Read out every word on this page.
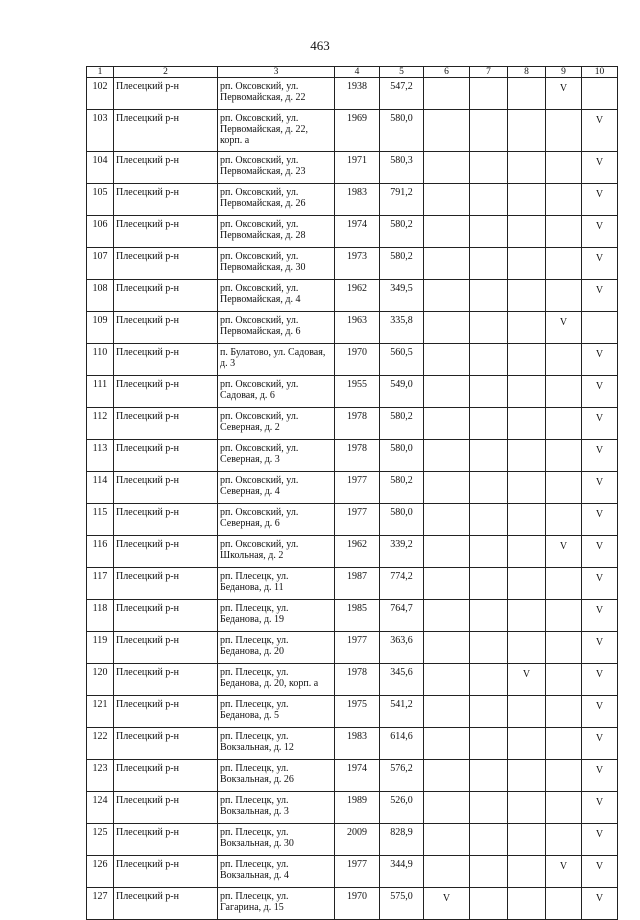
463
1	2	3	4	5	6	7	8	9	10
102	Плесецкий р-н	рп. Оксовский, ул. Первомайская, д. 22	1938	547,2				V	
103	Плесецкий р-н	рп. Оксовский, ул. Первомайская, д. 22, корп. а	1969	580,0					V
104	Плесецкий р-н	рп. Оксовский, ул. Первомайская, д. 23	1971	580,3					V
105	Плесецкий р-н	рп. Оксовский, ул. Первомайская, д. 26	1983	791,2					V
106	Плесецкий р-н	рп. Оксовский, ул. Первомайская, д. 28	1974	580,2					V
107	Плесецкий р-н	рп. Оксовский, ул. Первомайская, д. 30	1973	580,2					V
108	Плесецкий р-н	рп. Оксовский, ул. Первомайская, д. 4	1962	349,5					V
109	Плесецкий р-н	рп. Оксовский, ул. Первомайская, д. 6	1963	335,8				V	
110	Плесецкий р-н	п. Булатово, ул. Садовая, д. 3	1970	560,5					V
111	Плесецкий р-н	рп. Оксовский, ул. Садовая, д. 6	1955	549,0					V
112	Плесецкий р-н	рп. Оксовский, ул. Северная, д. 2	1978	580,2					V
113	Плесецкий р-н	рп. Оксовский, ул. Северная, д. 3	1978	580,0					V
114	Плесецкий р-н	рп. Оксовский, ул. Северная, д. 4	1977	580,2					V
115	Плесецкий р-н	рп. Оксовский, ул. Северная, д. 6	1977	580,0					V
116	Плесецкий р-н	рп. Оксовский, ул. Школьная, д. 2	1962	339,2				V	V
117	Плесецкий р-н	рп. Плесецк, ул. Беданова, д. 11	1987	774,2					V
118	Плесецкий р-н	рп. Плесецк, ул. Беданова, д. 19	1985	764,7					V
119	Плесецкий р-н	рп. Плесецк, ул. Беданова, д. 20	1977	363,6					V
120	Плесецкий р-н	рп. Плесецк, ул. Беданова, д. 20, корп. а	1978	345,6			V		V
121	Плесецкий р-н	рп. Плесецк, ул. Беданова, д. 5	1975	541,2					V
122	Плесецкий р-н	рп. Плесецк, ул. Вокзальная, д. 12	1983	614,6					V
123	Плесецкий р-н	рп. Плесецк, ул. Вокзальная, д. 26	1974	576,2					V
124	Плесецкий р-н	рп. Плесецк, ул. Вокзальная, д. 3	1989	526,0					V
125	Плесецкий р-н	рп. Плесецк, ул. Вокзальная, д. 30	2009	828,9					V
126	Плесецкий р-н	рп. Плесецк, ул. Вокзальная, д. 4	1977	344,9				V	V
127	Плесецкий р-н	рп. Плесецк, ул. Гагарина, д. 15	1970	575,0	V				V
